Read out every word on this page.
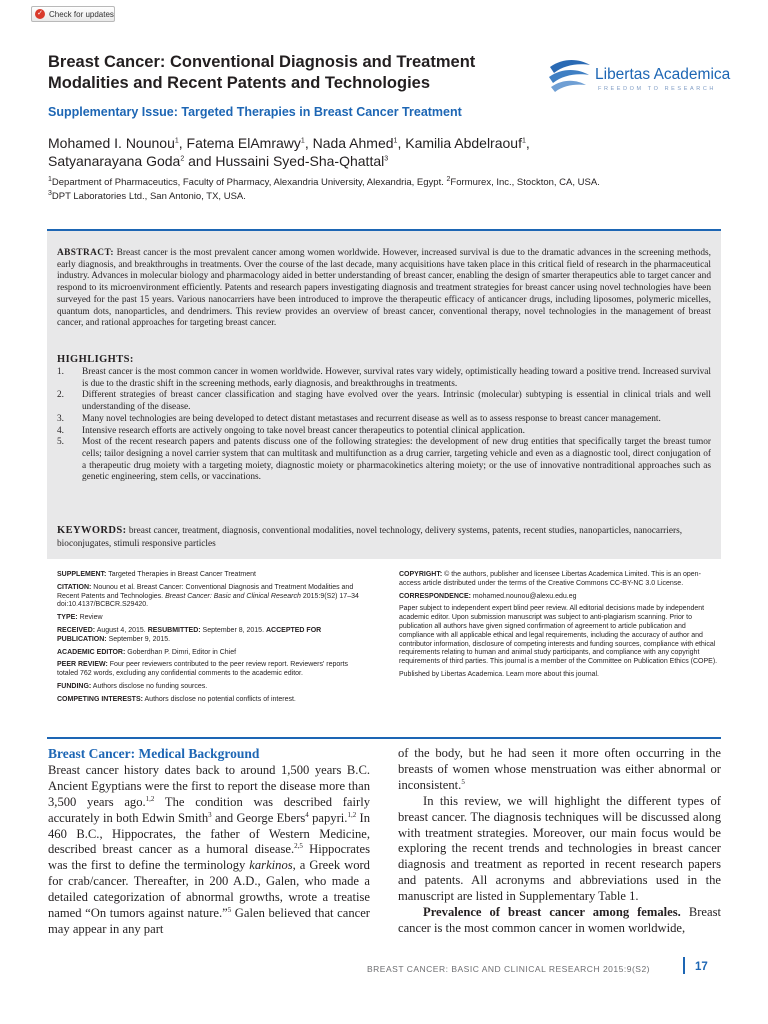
✓ Check for updates
Breast Cancer: Conventional Diagnosis and Treatment Modalities and Recent Patents and Technologies	Libertas Academica
FREEDOM TO RESEARCH
Supplementary Issue: Targeted Therapies in Breast Cancer Treatment
Mohamed I. Nounou$^1$, Fatema ElAmrawy$^1$, Nada Ahmed$^1$, Kamilia Abdelraouf$^1$,
Satyanarayana Goda$^2$ and Hussaini Syed-Sha-Qhattal$^3$
$^1$Department of Pharmaceutics, Faculty of Pharmacy, Alexandria University, Alexandria, Egypt. $^2$Formurex, Inc., Stockton, CA, USA.
$^3$DPT Laboratories Ltd., San Antonio, TX, USA.
ABSTRACT: Breast cancer is the most prevalent cancer among women worldwide. However, increased survival is due to the dramatic advances in the screening methods, early diagnosis, and breakthroughs in treatments. Over the course of the last decade, many acquisitions have taken place in this critical field of research in the pharmaceutical industry. Advances in molecular biology and pharmacology aided in better understanding of breast cancer, enabling the design of smarter therapeutics able to target cancer and respond to its microenvironment efficiently. Patents and research papers investigating diagnosis and treatment strategies for breast cancer using novel technologies have been surveyed for the past 15 years. Various nanocarriers have been introduced to improve the therapeutic efficacy of anticancer drugs, including liposomes, polymeric micelles, quantum dots, nanoparticles, and dendrimers. This review provides an overview of breast cancer, conventional therapy, novel technologies in the management of breast cancer, and rational approaches for targeting breast cancer.
HIGHLIGHTS:
1.	Breast cancer is the most common cancer in women worldwide. However, survival rates vary widely, optimistically heading toward a positive trend. Increased survival is due to the drastic shift in the screening methods, early diagnosis, and breakthroughs in treatments.
2.	Different strategies of breast cancer classification and staging have evolved over the years. Intrinsic (molecular) subtyping is essential in clinical trials and well understanding of the disease.
3.	Many novel technologies are being developed to detect distant metastases and recurrent disease as well as to assess response to breast cancer management.
4.	Intensive research efforts are actively ongoing to take novel breast cancer therapeutics to potential clinical application.
5.	Most of the recent research papers and patents discuss one of the following strategies: the development of new drug entities that specifically target the breast tumor cells; tailor designing a novel carrier system that can multitask and multifunction as a drug carrier, targeting vehicle and even as a diagnostic tool, direct conjugation of a therapeutic drug moiety with a targeting moiety, diagnostic moiety or pharmacokinetics altering moiety; or the use of innovative nontraditional approaches such as genetic engineering, stem cells, or vaccinations.
KEYWORDS: breast cancer, treatment, diagnosis, conventional modalities, novel technology, delivery systems, patents, recent studies, nanoparticles, nanocarriers, bioconjugates, stimuli responsive particles

SUPPLEMENT: Targeted Therapies in Breast Cancer Treatment

CITATION: Nounou et al. Breast Cancer: Conventional Diagnosis and Treatment Modalities and Recent Patents and Technologies. Breast Cancer: Basic and Clinical Research 2015:9(S2) 17–34 doi:10.4137/BCBCR.S29420.

TYPE: Review

RECEIVED: August 4, 2015. RESUBMITTED: September 8, 2015. ACCEPTED FOR PUBLICATION: September 9, 2015.

ACADEMIC EDITOR: Goberdhan P. Dimri, Editor in Chief

PEER REVIEW: Four peer reviewers contributed to the peer review report. Reviewers' reports totaled 762 words, excluding any confidential comments to the academic editor.

FUNDING: Authors disclose no funding sources.

COMPETING INTERESTS: Authors disclose no potential conflicts of interest.

COPYRIGHT: © the authors, publisher and licensee Libertas Academica Limited. This is an open-access article distributed under the terms of the Creative Commons CC-BY-NC 3.0 License.

CORRESPONDENCE: mohamed.nounou@alexu.edu.eg

Paper subject to independent expert blind peer review. All editorial decisions made by independent academic editor. Upon submission manuscript was subject to anti-plagiarism scanning. Prior to publication all authors have given signed confirmation of agreement to article publication and compliance with all applicable ethical and legal requirements, including the accuracy of author and contributor information, disclosure of competing interests and funding sources, compliance with ethical requirements relating to human and animal study participants, and compliance with any copyright requirements of third parties. This journal is a member of the Committee on Publication Ethics (COPE).

Published by Libertas Academica. Learn more about this journal.

Breast Cancer: Medical Background

Breast cancer history dates back to around 1,500 years B.C. Ancient Egyptians were the first to report the disease more than 3,500 years ago.$^{1,2}$ The condition was described fairly accurately in both Edwin Smith$^3$ and George Ebers$^4$ papyri.$^{1,2}$ In 460 B.C., Hippocrates, the father of Western Medicine, described breast cancer as a humoral disease.$^{2,5}$ Hippocrates was the first to define the terminology karkinos, a Greek word for crab/cancer. Thereafter, in 200 A.D., Galen, who made a detailed categorization of abnormal growths, wrote a treatise named “On tumors against nature.”$^5$ Galen believed that cancer may appear in any part

of the body, but he had seen it more often occurring in the breasts of women whose menstruation was either abnormal or inconsistent.$^5$

In this review, we will highlight the different types of breast cancer. The diagnosis techniques will be discussed along with treatment strategies. Moreover, our main focus would be exploring the recent trends and technologies in breast cancer diagnosis and treatment as reported in recent research papers and patents. All acronyms and abbreviations used in the manuscript are listed in Supplementary Table 1.

Prevalence of breast cancer among females. Breast cancer is the most common cancer in women worldwide,

BREAST CANCER: BASIC AND CLINICAL RESEARCH 2015:9(S2)	17
